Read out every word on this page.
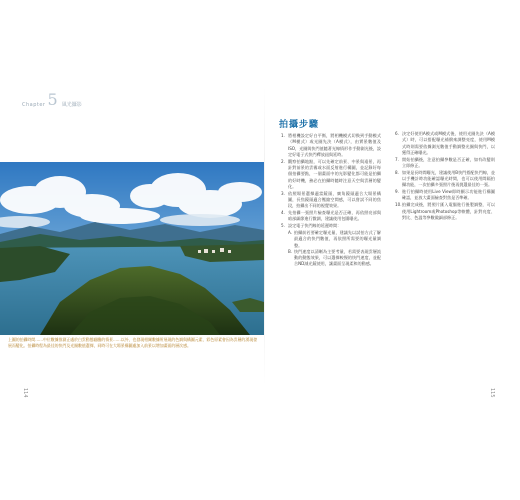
Chapter 5 風光攝影
上圖的拍攝時間……中位數據推測正處於白雲動態翻騰的情景……以外，也發現相關數據所展現的色調與構圖元素，彩色原素會因為雲層的湧現發展而變化。拍攝時程為最佳的快門及光圈數值選擇，同時可在大場景構圖處加入前景以增加畫面的層次感。
114
拍攝步驟
1. 將相機設定好白平衡，將相機模式切換到手動模式（M模式）或光圈先決（A模式），由實景數值及ISO，光圈與快門值隨著光線情形作手動測光後，設定好電子式快門釋放鈕與延時。
2. 觀察拍攝地點，可以先確定前景、中景與遠景，再針對前景的雲霧或水面反射進行構圖，並記錄好每個拍攝要點，一個畫面中的光影變化都可能是拍攝的好時機，務必在拍攝時隨時注意天空與雲層的變化。
3. 依照場景選擇適當鏡頭，廣角鏡頭適合大場景構圖，長焦鏡頭適合壓縮空間感，可以嘗試不同的焦段，拍攝出不同的視覺效果。
4. 先拍攝一張照片檢查曝光是否正確，再依照亮部與暗部細節進行微調，建議使用包圍曝光。
5. 設定電子快門線的延遲時間：
A. 拍攝前若要確定曝光量，建議先以試拍方式了解最適合的快門數值，再依照所需要的曝光量調整。
B. 快門速度以清晰為主要考量，若需要表現雲層流動的動態效果，可以選擇較慢的快門速度，並配合ND減光鏡使用，讓畫面呈現柔和的動感。
6. 決定好使用A模式或M模式後，使用光圈先決（A模式）時，可以搭配曝光補償來調整亮度，使用M模式時則需要依據測光數值手動調整光圈與快門，以獲得正確曝光。
7. 開始拍攝後，注意拍攝參數是否正確，如有改變則立即修正。
8. 如果是長時間曝光，建議使用B快門搭配快門線，並以手機計時功能確認曝光時間，也可以使用間隔拍攝功能，一次拍攝多張照片後再挑選最佳的一張。
9. 進行拍攝時使用Live View即時顯示功能進行構圖確認，並放大畫面檢查對焦是否準確。
10. 拍攝完成後，將照片匯入電腦進行後製調整，可以使用Lightroom或Photoshop等軟體，針對亮度、對比、色溫等參數做細部修正。
115
